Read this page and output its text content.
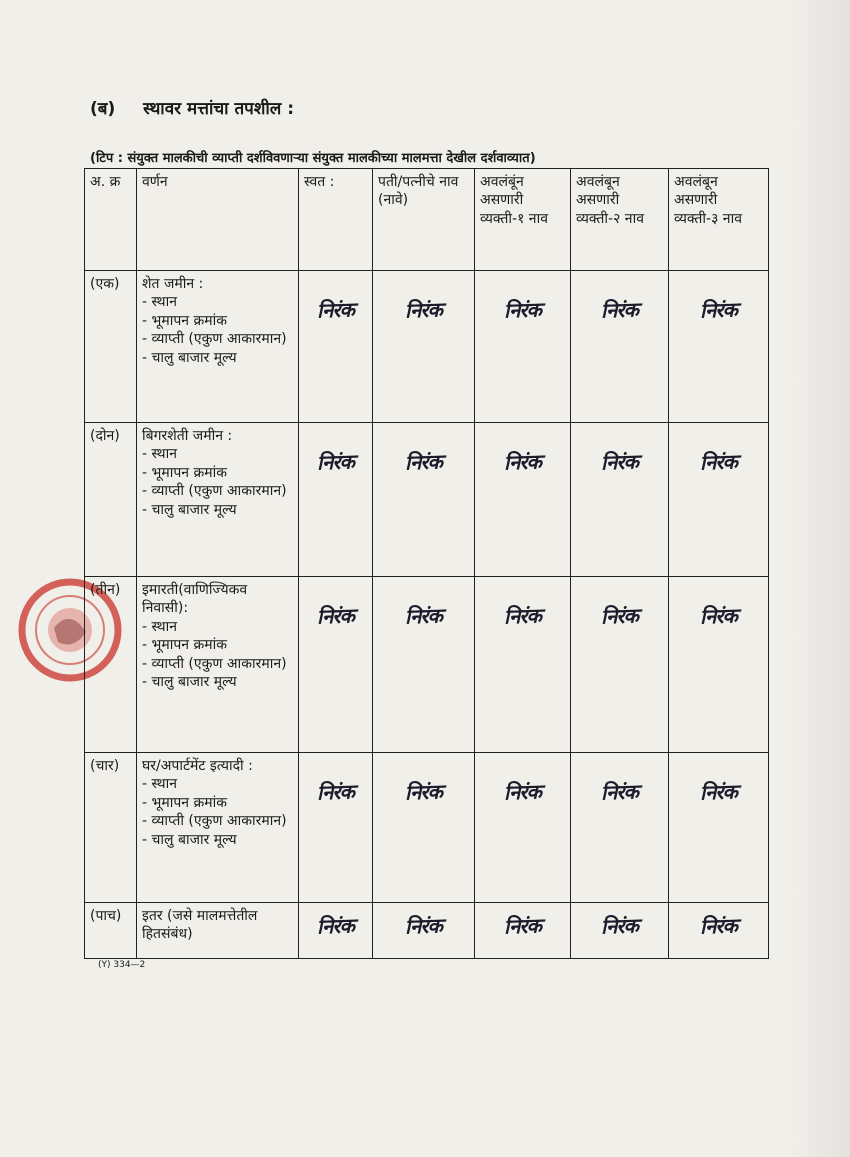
(ब) स्थावर मत्तांचा तपशील :
(टिप : संयुक्त मालकीची व्याप्ती दर्शविवणाऱ्या संयुक्त मालकीच्या मालमत्ता देखील दर्शवाव्यात)
अ. क्र	वर्णन	स्वत :	पती/पत्नीचे नाव (नावे)	अवलंबूंन असणारी व्यक्ती-१ नाव	अवलंबून असणारी व्यक्ती-२ नाव	अवलंबून असणारी व्यक्ती-३ नाव
(एक)	शेत जमीन :
- स्थान
- भूमापन क्रमांक
- व्याप्ती (एकुण आकारमान)
- चालु बाजार मूल्य	निरंक	निरंक	निरंक	निरंक	निरंक
(दोन)	बिगरशेती जमीन :
- स्थान
- भूमापन क्रमांक
- व्याप्ती (एकुण आकारमान)
- चालु बाजार मूल्य	निरंक	निरंक	निरंक	निरंक	निरंक
(तीन)	इमारती(वाणिज्यिकव निवासी):
- स्थान
- भूमापन क्रमांक
- व्याप्ती (एकुण आकारमान)
- चालु बाजार मूल्य	निरंक	निरंक	निरंक	निरंक	निरंक
(चार)	घर/अपार्टमेंट इत्यादी :
- स्थान
- भूमापन क्रमांक
- व्याप्ती (एकुण आकारमान)
- चालु बाजार मूल्य	निरंक	निरंक	निरंक	निरंक	निरंक
(पाच)	इतर (जसे मालमत्तेतील हितसंबंध)	निरंक	निरंक	निरंक	निरंक	निरंक
(Y) 334—2
